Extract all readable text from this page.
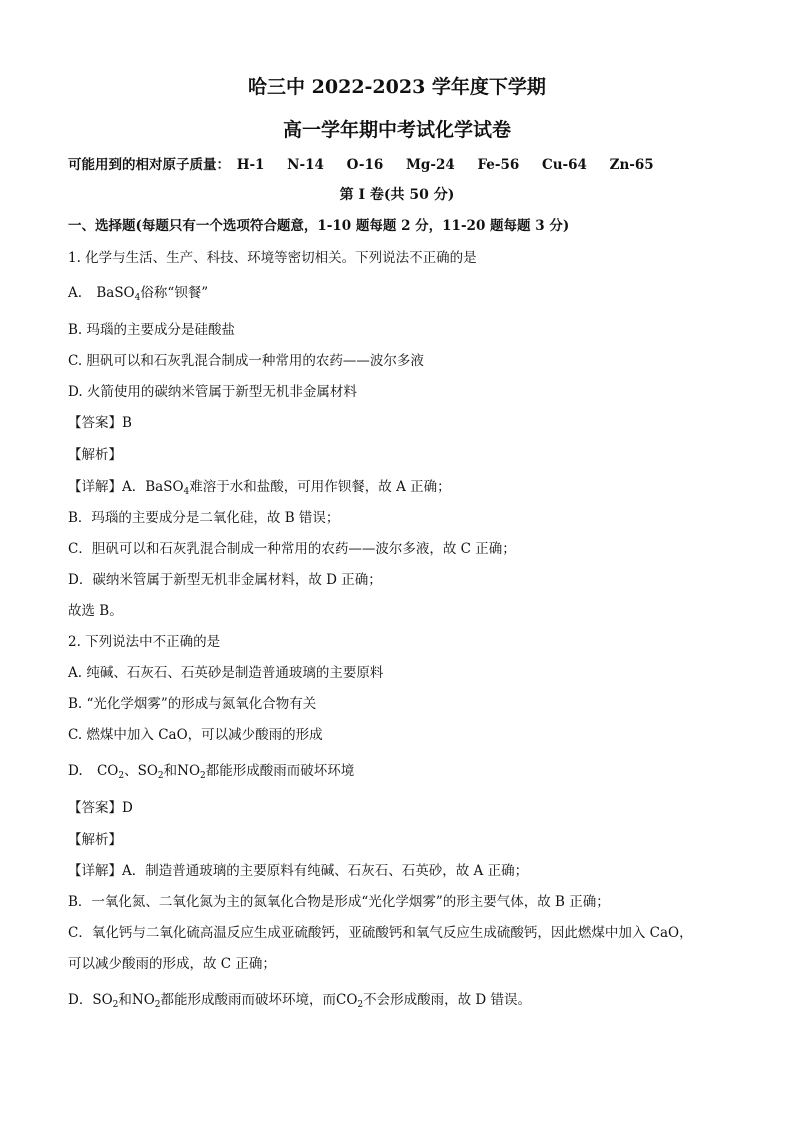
哈三中 2022-2023 学年度下学期
高一学年期中考试化学试卷
可能用到的相对原子质量： H-1 N-14 O-16 Mg-24 Fe-56 Cu-64 Zn-65
第 I 卷(共 50 分)
一、选择题(每题只有一个选项符合题意，1-10 题每题 2 分，11-20 题每题 3 分)
1. 化学与生活、生产、科技、环境等密切相关。下列说法不正确的是
A. BaSO$_4$俗称“钡餐”
B. 玛瑙的主要成分是硅酸盐
C. 胆矾可以和石灰乳混合制成一种常用的农药——波尔多液
D. 火箭使用的碳纳米管属于新型无机非金属材料
【答案】B
【解析】
【详解】A．BaSO$_4$难溶于水和盐酸，可用作钡餐，故 A 正确；
B．玛瑙的主要成分是二氧化硅，故 B 错误；
C．胆矾可以和石灰乳混合制成一种常用的农药——波尔多液，故 C 正确；
D．碳纳米管属于新型无机非金属材料，故 D 正确；
故选 B。
2. 下列说法中不正确的是
A. 纯碱、石灰石、石英砂是制造普通玻璃的主要原料
B. “光化学烟雾”的形成与氮氧化合物有关
C. 燃煤中加入 CaO，可以减少酸雨的形成
D. $CO_2$、$SO_2$和$NO_2$都能形成酸雨而破坏环境
【答案】D
【解析】
【详解】A．制造普通玻璃的主要原料有纯碱、石灰石、石英砂，故 A 正确；
B．一氧化氮、二氧化氮为主的氮氧化合物是形成“光化学烟雾”的形主要气体，故 B 正确；
C．氧化钙与二氧化硫高温反应生成亚硫酸钙，亚硫酸钙和氧气反应生成硫酸钙，因此燃煤中加入 CaO，
可以减少酸雨的形成，故 C 正确；
D．$SO_2$和$NO_2$都能形成酸雨而破坏环境，而$CO_2$不会形成酸雨，故 D 错误。
